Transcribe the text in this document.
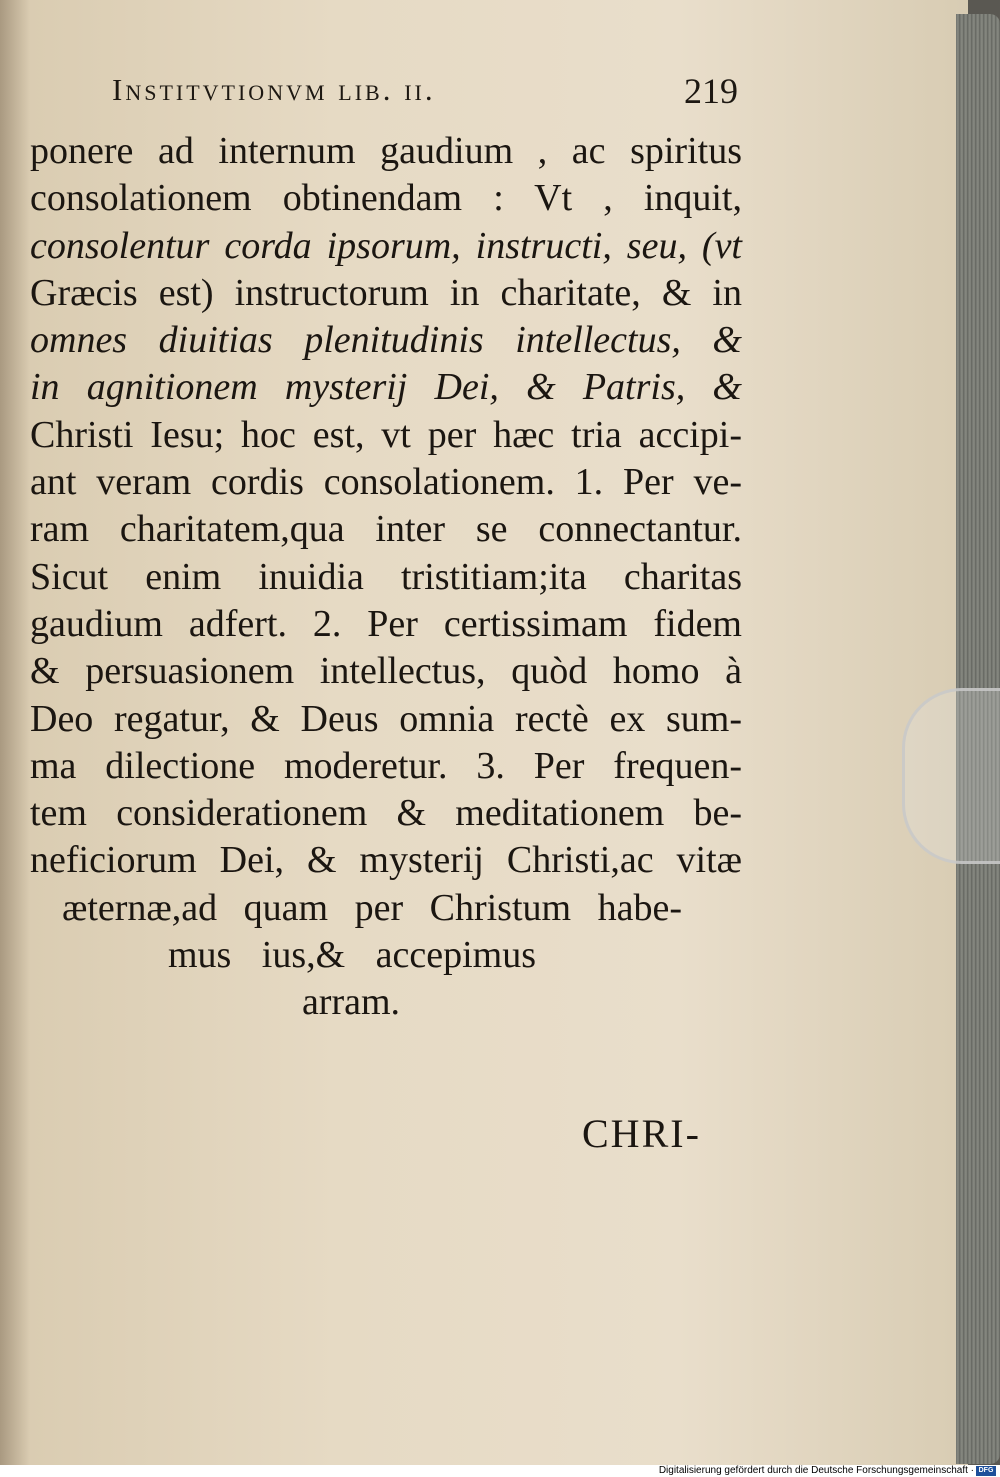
Institvtionvm lib. ii.	219
ponere ad internum gaudium , ac spiritus
consolationem obtinendam : Vt , inquit,
consolentur corda ipsorum, instructi, seu, (vt
Græcis est) instructorum in charitate, & in
omnes diuitias plenitudinis intellectus, &
in agnitionem mysterij Dei, & Patris, &
Christi Iesu; hoc est, vt per hæc tria accipi-
ant veram cordis consolationem. 1. Per ve-
ram charitatem,qua inter se connectantur.
Sicut enim inuidia tristitiam;ita charitas
gaudium adfert. 2. Per certissimam fidem
& persuasionem intellectus, quòd homo à
Deo regatur, & Deus omnia rectè ex sum-
ma dilectione moderetur. 3. Per frequen-
tem considerationem & meditationem be-
neficiorum Dei, & mysterij Christi,ac vitæ
æternæ,ad quam per Christum habe-
mus ius,& accepimus
arram.
CHRI-
Digitalisierung gefördert durch die Deutsche Forschungsgemeinschaft · DFG
